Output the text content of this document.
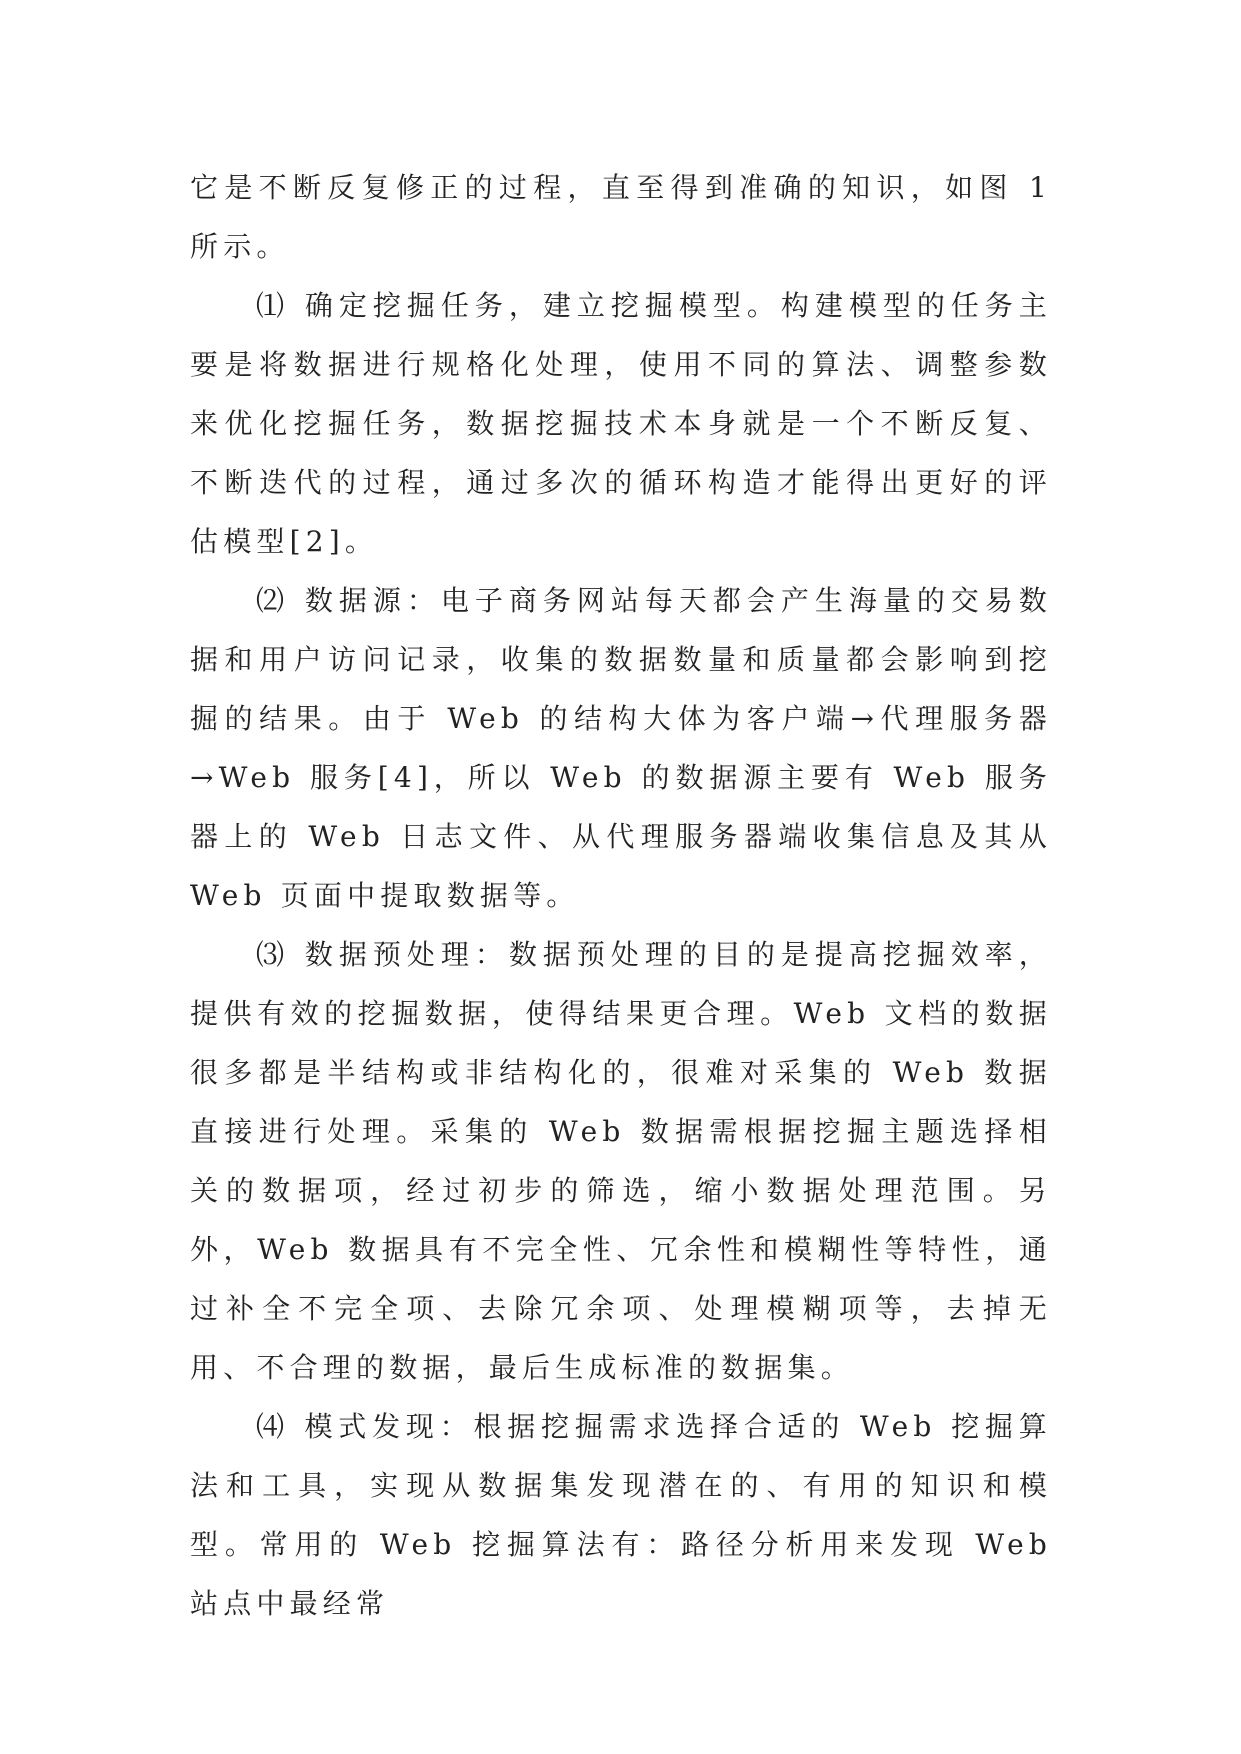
它是不断反复修正的过程，直至得到准确的知识，如图 1 所示。

⑴ 确定挖掘任务，建立挖掘模型。构建模型的任务主要是将数据进行规格化处理，使用不同的算法、调整参数来优化挖掘任务，数据挖掘技术本身就是一个不断反复、不断迭代的过程，通过多次的循环构造才能得出更好的评估模型[2]。

⑵ 数据源：电子商务网站每天都会产生海量的交易数据和用户访问记录，收集的数据数量和质量都会影响到挖掘的结果。由于 Web 的结构大体为客户端→代理服务器→Web 服务[4]，所以 Web 的数据源主要有 Web 服务器上的 Web 日志文件、从代理服务器端收集信息及其从 Web 页面中提取数据等。

⑶ 数据预处理：数据预处理的目的是提高挖掘效率，提供有效的挖掘数据，使得结果更合理。Web 文档的数据很多都是半结构或非结构化的，很难对采集的 Web 数据直接进行处理。采集的 Web 数据需根据挖掘主题选择相关的数据项，经过初步的筛选，缩小数据处理范围。另外，Web 数据具有不完全性、冗余性和模糊性等特性，通过补全不完全项、去除冗余项、处理模糊项等，去掉无用、不合理的数据，最后生成标准的数据集。

⑷ 模式发现：根据挖掘需求选择合适的 Web 挖掘算法和工具，实现从数据集发现潜在的、有用的知识和模型。常用的 Web 挖掘算法有：路径分析用来发现 Web 站点中最经常
